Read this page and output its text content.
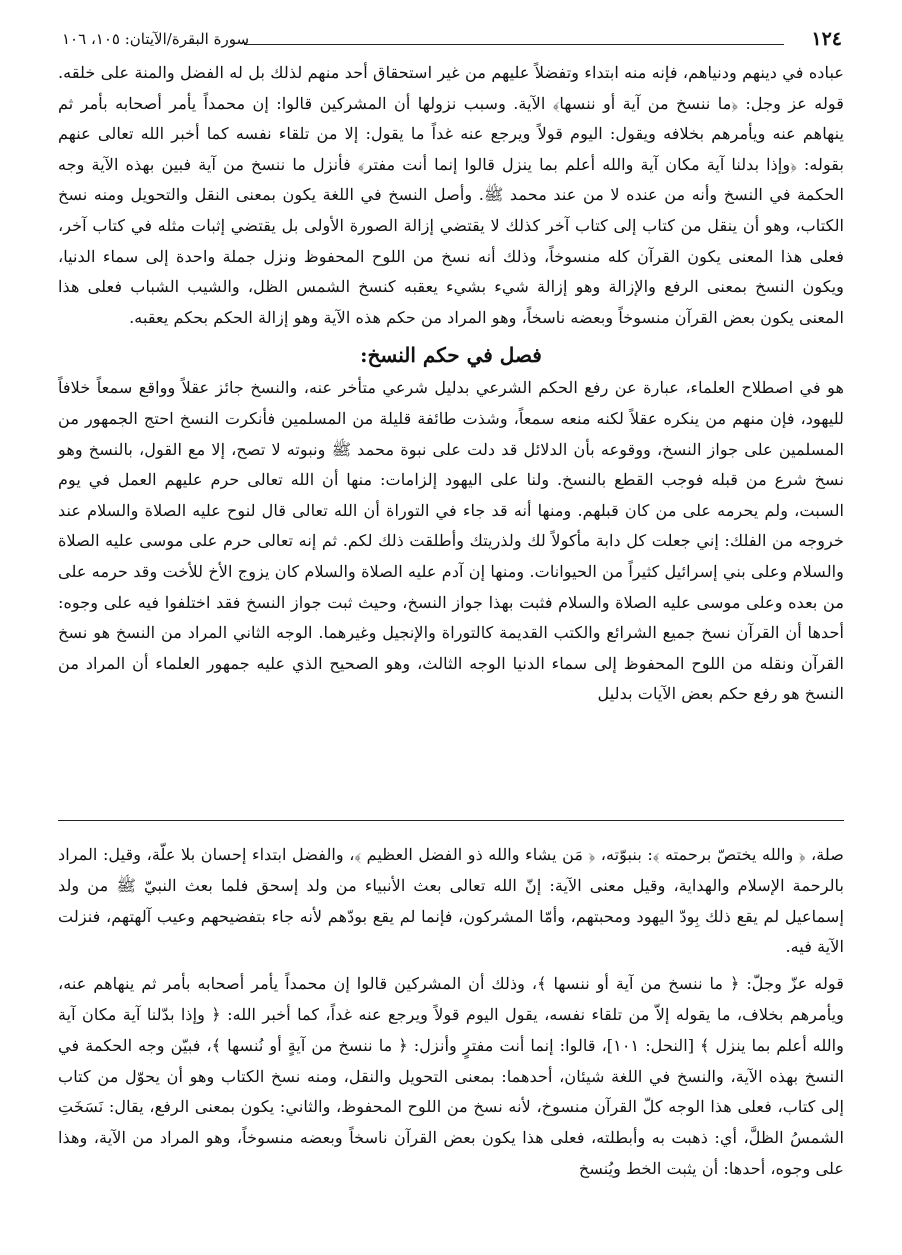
١٢٤
سورة البقرة/الآيتان: ١٠٥، ١٠٦

عباده في دينهم ودنياهم، فإنه منه ابتداء وتفضلاً عليهم من غير استحقاق أحد منهم لذلك بل له الفضل والمنة على خلقه. قوله عز وجل: ﴿ما ننسخ من آية أو ننسها﴾ الآية. وسبب نزولها أن المشركين قالوا: إن محمداً يأمر أصحابه بأمر ثم ينهاهم عنه ويأمرهم بخلافه ويقول: اليوم قولاً ويرجع عنه غداً ما يقول: إلا من تلقاء نفسه كما أخبر الله تعالى عنهم بقوله: ﴿وإذا بدلنا آية مكان آية والله أعلم بما ينزل قالوا إنما أنت مفتر﴾ فأنزل ما ننسخ من آية فبين بهذه الآية وجه الحكمة في النسخ وأنه من عنده لا من عند محمد ﷺ. وأصل النسخ في اللغة يكون بمعنى النقل والتحويل ومنه نسخ الكتاب، وهو أن ينقل من كتاب إلى كتاب آخر كذلك لا يقتضي إزالة الصورة الأولى بل يقتضي إثبات مثله في كتاب آخر، فعلى هذا المعنى يكون القرآن كله منسوخاً، وذلك أنه نسخ من اللوح المحفوظ ونزل جملة واحدة إلى سماء الدنيا، ويكون النسخ بمعنى الرفع والإزالة وهو إزالة شيء بشيء يعقبه كنسخ الشمس الظل، والشيب الشباب فعلى هذا المعنى يكون بعض القرآن منسوخاً وبعضه ناسخاً، وهو المراد من حكم هذه الآية وهو إزالة الحكم بحكم يعقبه.

فصل في حكم النسخ:

هو في اصطلاح العلماء، عبارة عن رفع الحكم الشرعي بدليل شرعي متأخر عنه، والنسخ جائز عقلاً وواقع سمعاً خلافاً لليهود، فإن منهم من ينكره عقلاً لكنه منعه سمعاً، وشذت طائفة قليلة من المسلمين فأنكرت النسخ احتج الجمهور من المسلمين على جواز النسخ، ووقوعه بأن الدلائل قد دلت على نبوة محمد ﷺ ونبوته لا تصح، إلا مع القول، بالنسخ وهو نسخ شرع من قبله فوجب القطع بالنسخ. ولنا على اليهود إلزامات: منها أن الله تعالى حرم عليهم العمل في يوم السبت، ولم يحرمه على من كان قبلهم. ومنها أنه قد جاء في التوراة أن الله تعالى قال لنوح عليه الصلاة والسلام عند خروجه من الفلك: إني جعلت كل دابة مأكولاً لك ولذريتك وأطلقت ذلك لكم. ثم إنه تعالى حرم على موسى عليه الصلاة والسلام وعلى بني إسرائيل كثيراً من الحيوانات. ومنها إن آدم عليه الصلاة والسلام كان يزوج الأخ للأخت وقد حرمه على من بعده وعلى موسى عليه الصلاة والسلام فثبت بهذا جواز النسخ، وحيث ثبت جواز النسخ فقد اختلفوا فيه على وجوه: أحدها أن القرآن نسخ جميع الشرائع والكتب القديمة كالتوراة والإنجيل وغيرهما. الوجه الثاني المراد من النسخ هو نسخ القرآن ونقله من اللوح المحفوظ إلى سماء الدنيا الوجه الثالث، وهو الصحيح الذي عليه جمهور العلماء أن المراد من النسخ هو رفع حكم بعض الآيات بدليل

صلة، ﴿ والله يختصّ برحمته ﴾: بنبوّته، ﴿ مَن يشاء والله ذو الفضل العظيم ﴾، والفضل ابتداء إحسان بلا علّة، وقيل: المراد بالرحمة الإسلام والهداية، وقيل معنى الآية: إنّ الله تعالى بعث الأنبياء من ولد إسحق فلما بعث النبيّ ﷺ من ولد إسماعيل لم يقع ذلك بِودّ اليهود ومحبتهم، وأمّا المشركون، فإنما لم يقع بودّهم لأنه جاء بتفضيحهم وعيب آلهتهم، فنزلت الآية فيه.

قوله عزّ وجلّ: ﴿ ما ننسخ من آية أو ننسها ﴾، وذلك أن المشركين قالوا إن محمداً يأمر أصحابه بأمر ثم ينهاهم عنه، ويأمرهم بخلاف، ما يقوله إلاّ من تلقاء نفسه، يقول اليوم قولاً ويرجع عنه غداً، كما أخبر الله: ﴿ وإذا بدّلنا آية مكان آية والله أعلم بما ينزل ﴾ [النحل: ١٠١]، قالوا: إنما أنت مفترٍ وأنزل: ﴿ ما ننسخ من آيةٍ أو نُنسها ﴾، فبيّن وجه الحكمة في النسخ بهذه الآية، والنسخ في اللغة شيئان، أحدهما: بمعنى التحويل والنقل، ومنه نسخ الكتاب وهو أن يحوّل من كتاب إلى كتاب، فعلى هذا الوجه كلّ القرآن منسوخ، لأنه نسخ من اللوح المحفوظ، والثاني: يكون بمعنى الرفع، يقال: نَسَخَتِ الشمسُ الظلَّ، أي: ذهبت به وأبطلته، فعلى هذا يكون بعض القرآن ناسخاً وبعضه منسوخاً، وهو المراد من الآية، وهذا على وجوه، أحدها: أن يثبت الخط ويُنسخ
